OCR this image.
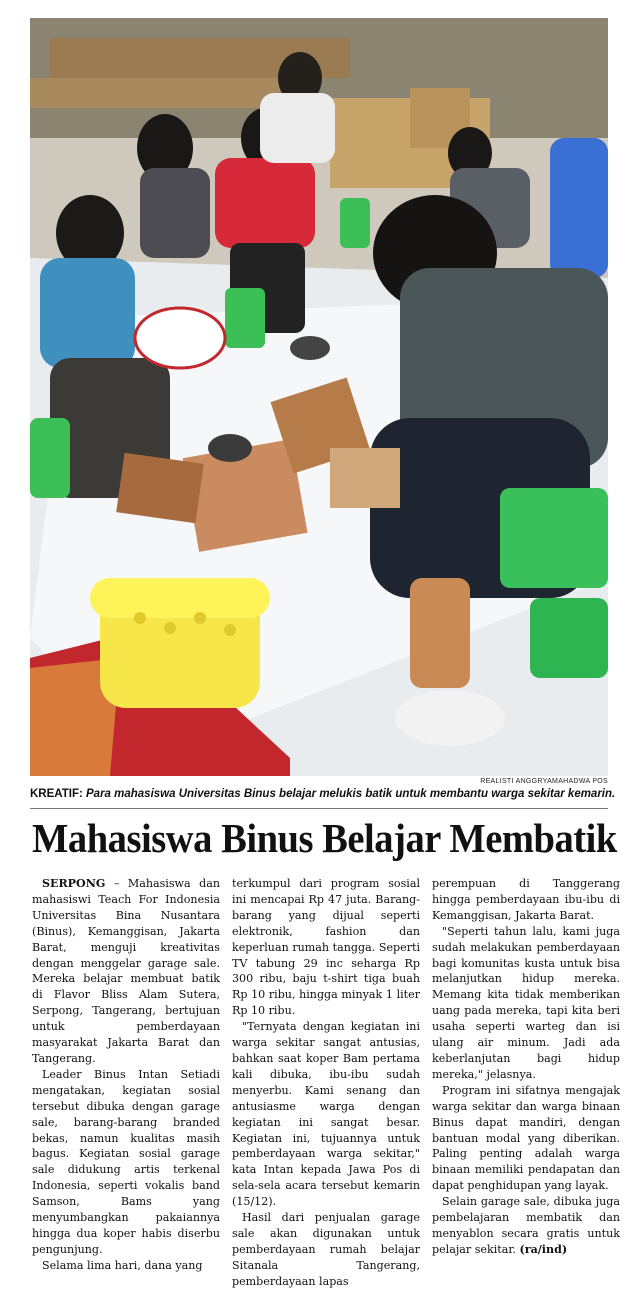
REALISTI ANGGRYAMAHADWA POS
KREATIF: Para mahasiswa Universitas Binus belajar melukis batik untuk membantu warga sekitar kemarin.
Mahasiswa Binus Belajar Membatik

SERPONG – Mahasiswa dan mahasiswi Teach For Indonesia Universitas Bina Nusantara (Binus), Kemanggisan, Jakarta Barat, menguji kreativitas dengan menggelar garage sale. Mereka belajar membuat batik di Flavor Bliss Alam Sutera, Serpong, Tangerang, bertujuan untuk pemberdayaan masyarakat Jakarta Barat dan Tangerang.

Leader Binus Intan Setiadi mengatakan, kegiatan sosial tersebut dibuka dengan garage sale, barang-barang branded bekas, namun kualitas masih bagus. Kegiatan sosial garage sale didukung artis terkenal Indonesia, seperti vokalis band Samson, Bams yang menyumbangkan pakaiannya hingga dua koper habis diserbu pengunjung.

Selama lima hari, dana yang

terkumpul dari program sosial ini mencapai Rp 47 juta. Barang-barang yang dijual seperti elektronik, fashion dan keperluan rumah tangga. Seperti TV tabung 29 inc seharga Rp 300 ribu, baju t-shirt tiga buah Rp 10 ribu, hingga minyak 1 liter Rp 10 ribu.

"Ternyata dengan kegiatan ini warga sekitar sangat antusias, bahkan saat koper Bam pertama kali dibuka, ibu-ibu sudah menyerbu. Kami senang dan antusiasme warga dengan kegiatan ini sangat besar. Kegiatan ini, tujuannya untuk pemberdayaan warga sekitar," kata Intan kepada Jawa Pos di sela-sela acara tersebut kemarin (15/12).

Hasil dari penjualan garage sale akan digunakan untuk pemberdayaan rumah belajar Sitanala Tangerang, pemberdayaan lapas

perempuan di Tanggerang hingga pemberdayaan ibu-ibu di Kemanggisan, Jakarta Barat.

"Seperti tahun lalu, kami juga sudah melakukan pemberdayaan bagi komunitas kusta untuk bisa melanjutkan hidup mereka. Memang kita tidak memberikan uang pada mereka, tapi kita beri usaha seperti warteg dan isi ulang air minum. Jadi ada keberlanjutan bagi hidup mereka," jelasnya.

Program ini sifatnya mengajak warga sekitar dan warga binaan Binus dapat mandiri, dengan bantuan modal yang diberikan. Paling penting adalah warga binaan memiliki pendapatan dan dapat penghidupan yang layak.

Selain garage sale, dibuka juga pembelajaran membatik dan menyablon secara gratis untuk pelajar sekitar. (ra/ind)
